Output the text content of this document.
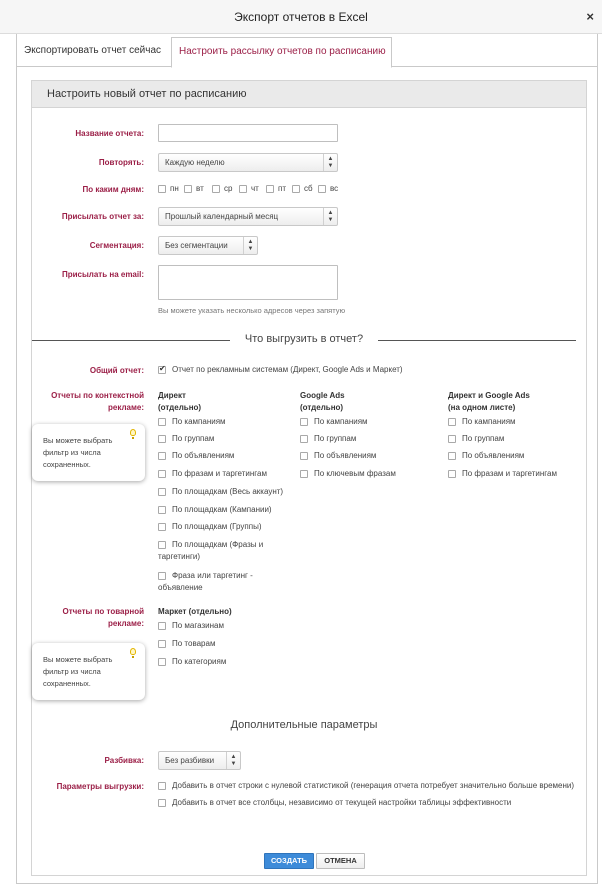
Экспорт отчетов в Excel	×
Экспортировать отчет сейчас	Настроить рассылку отчетов по расписанию
Настроить новый отчет по расписанию
Название отчета:
Повторять:	Каждую неделю	▲
▼
По каким дням:	пн вт	ср чт пт сб вс
Присылать отчет за:	Прошлый календарный месяц	▲
▼
Сегментация:	Без сегментации	▲
▼
Присылать на email:
Вы можете указать несколько адресов через запятую
Что выгрузить в отчет?
Общий отчет:
✔	Отчет по рекламным системам (Директ, Google Ads и Маркет)
Отчеты по контекстной
рекламе:
Вы можете выбрать фильтр из числа сохраненных.
Директ
(отдельно)
Google Ads
(отдельно)
Директ и Google Ads
(на одном листе)
По кампаниям
По группам
По объявлениям
По фразам и таргетингам
По площадкам (Весь аккаунт)
По площадкам (Кампании)
По площадкам (Группы)
По площадкам (Фразы и таргетинги)
Фраза или таргетинг - объявление
По кампаниям
По группам
По объявлениям
По ключевым фразам
По кампаниям
По группам
По объявлениям
По фразам и таргетингам
Отчеты по товарной
рекламе:
Маркет (отдельно)
Вы можете выбрать фильтр из числа сохраненных.
По магазинам
По товарам
По категориям
Дополнительные параметры
Разбивка:	Без разбивки	▲
▼
Параметры выгрузки:	Добавить в отчет строки с нулевой статистикой (генерация отчета потребует значительно больше времени)
Добавить в отчет все столбцы, независимо от текущей настройки таблицы эффективности
СОЗДАТЬ	ОТМЕНА
